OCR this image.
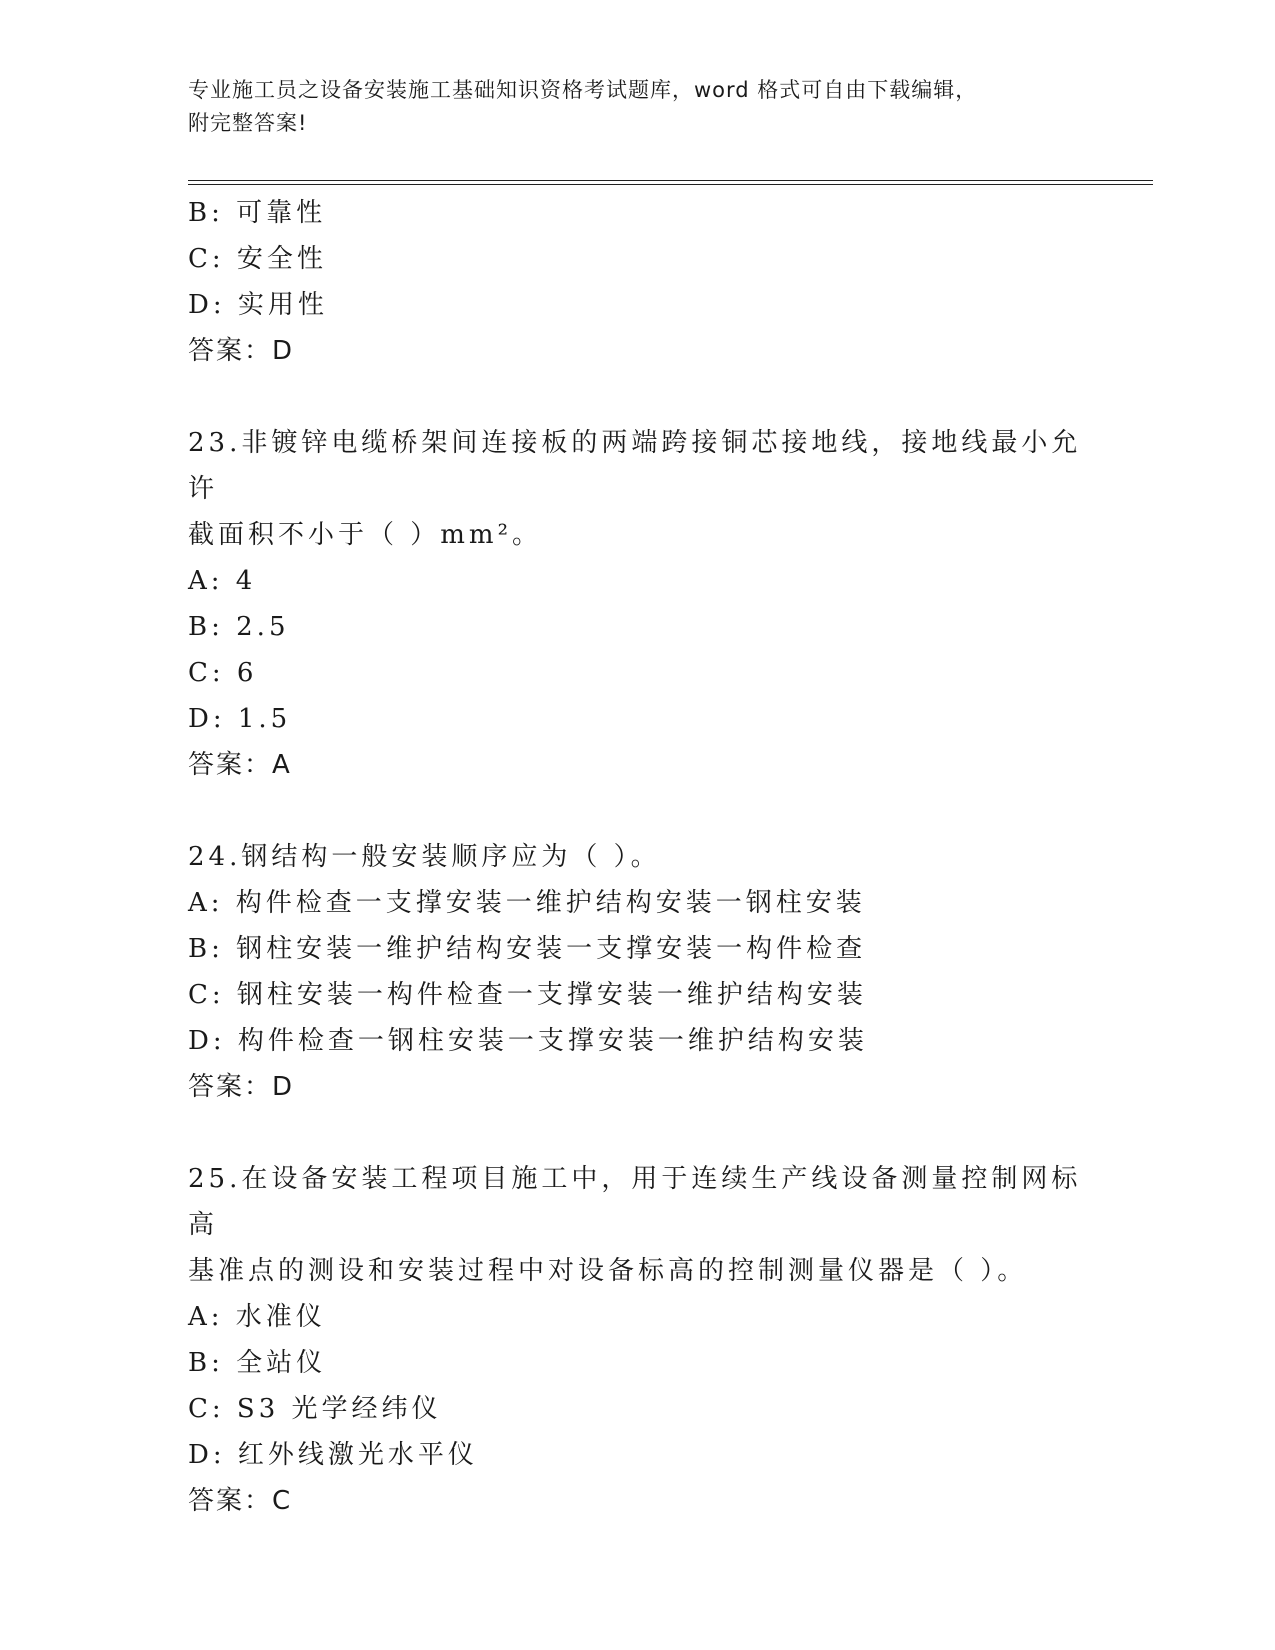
专业施工员之设备安装施工基础知识资格考试题库，word 格式可自由下载编辑，
附完整答案!
B: 可靠性
C: 安全性
D: 实用性
答案：D
23.非镀锌电缆桥架间连接板的两端跨接铜芯接地线，接地线最小允许
截面积不小于（ ）mm²。
A: 4
B: 2.5
C: 6
D: 1.5
答案：A
24.钢结构一般安装顺序应为（ ）。
A: 构件检查一支撑安装一维护结构安装一钢柱安装
B: 钢柱安装一维护结构安装一支撑安装一构件检查
C: 钢柱安装一构件检查一支撑安装一维护结构安装
D: 构件检查一钢柱安装一支撑安装一维护结构安装
答案：D
25.在设备安装工程项目施工中，用于连续生产线设备测量控制网标高
基准点的测设和安装过程中对设备标高的控制测量仪器是（ ）。
A: 水准仪
B: 全站仪
C: S3 光学经纬仪
D: 红外线激光水平仪
答案：C
